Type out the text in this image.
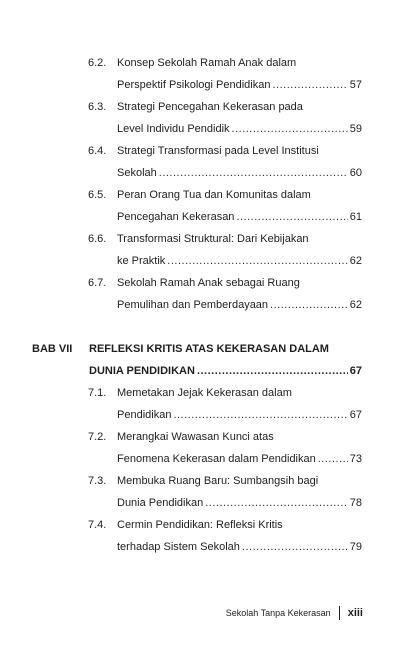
6.2. Konsep Sekolah Ramah Anak dalam
Perspektif Psikologi Pendidikan .....	57
6.3. Strategi Pencegahan Kekerasan pada
Level Individu Pendidik .....	59
6.4. Strategi Transformasi pada Level Institusi
Sekolah .....	60
6.5. Peran Orang Tua dan Komunitas dalam
Pencegahan Kekerasan .....	61
6.6. Transformasi Struktural: Dari Kebijakan
ke Praktik .....	62
6.7. Sekolah Ramah Anak sebagai Ruang
Pemulihan dan Pemberdayaan .....	62
BAB VII REFLEKSI KRITIS ATAS KEKERASAN DALAM
DUNIA PENDIDIKAN .....	67
7.1. Memetakan Jejak Kekerasan dalam
Pendidikan .....	67
7.2. Merangkai Wawasan Kunci atas
Fenomena Kekerasan dalam Pendidikan .....	73
7.3. Membuka Ruang Baru: Sumbangsih bagi
Dunia Pendidikan .....	78
7.4. Cermin Pendidikan: Refleksi Kritis
terhadap Sistem Sekolah .....	79
Sekolah Tanpa Kekerasan xiii
